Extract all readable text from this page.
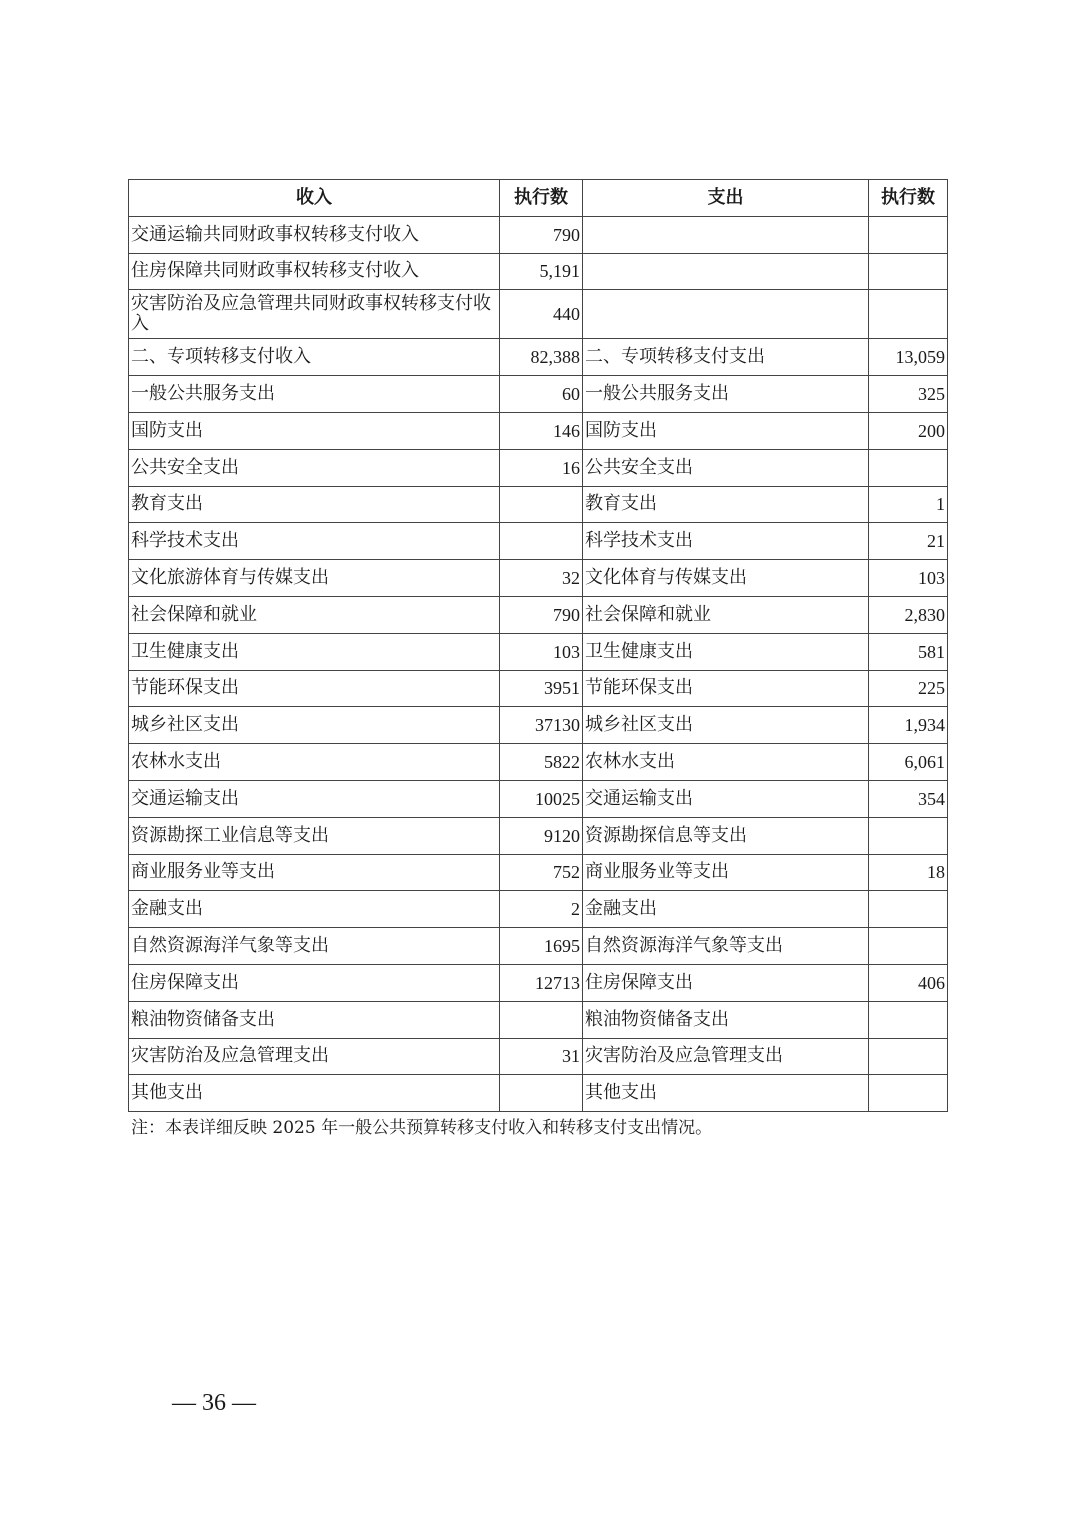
收入	执行数	支出	执行数
交通运输共同财政事权转移支付收入	790		
住房保障共同财政事权转移支付收入	5,191		
灾害防治及应急管理共同财政事权转移支付收入	440		
二、专项转移支付收入	82,388	二、专项转移支付支出	13,059
一般公共服务支出	60	一般公共服务支出	325
国防支出	146	国防支出	200
公共安全支出	16	公共安全支出	
教育支出		教育支出	1
科学技术支出		科学技术支出	21
文化旅游体育与传媒支出	32	文化体育与传媒支出	103
社会保障和就业	790	社会保障和就业	2,830
卫生健康支出	103	卫生健康支出	581
节能环保支出	3951	节能环保支出	225
城乡社区支出	37130	城乡社区支出	1,934
农林水支出	5822	农林水支出	6,061
交通运输支出	10025	交通运输支出	354
资源勘探工业信息等支出	9120	资源勘探信息等支出	
商业服务业等支出	752	商业服务业等支出	18
金融支出	2	金融支出	
自然资源海洋气象等支出	1695	自然资源海洋气象等支出	
住房保障支出	12713	住房保障支出	406
粮油物资储备支出		粮油物资储备支出	
灾害防治及应急管理支出	31	灾害防治及应急管理支出	
其他支出		其他支出	
注：本表详细反映 2025 年一般公共预算转移支付收入和转移支付支出情况。
— 36 —
